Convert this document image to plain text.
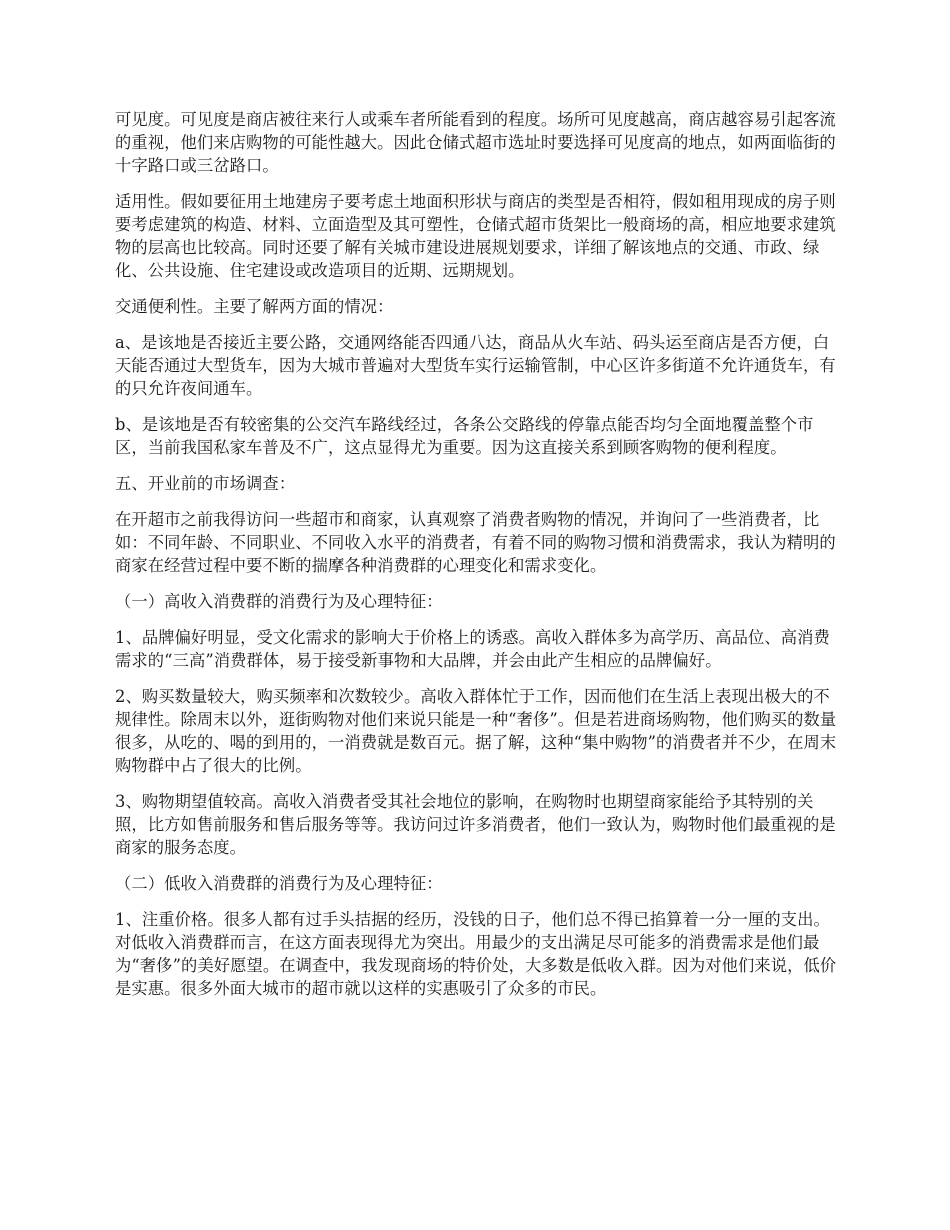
可见度。可见度是商店被往来行人或乘车者所能看到的程度。场所可见度越高，商店越容易引起客流的重视，他们来店购物的可能性越大。因此仓储式超市选址时要选择可见度高的地点，如两面临街的十字路口或三岔路口。

适用性。假如要征用土地建房子要考虑土地面积形状与商店的类型是否相符，假如租用现成的房子则要考虑建筑的构造、材料、立面造型及其可塑性，仓储式超市货架比一般商场的高，相应地要求建筑物的层高也比较高。同时还要了解有关城市建设进展规划要求，详细了解该地点的交通、市政、绿化、公共设施、住宅建设或改造项目的近期、远期规划。

交通便利性。主要了解两方面的情况：

a、是该地是否接近主要公路，交通网络能否四通八达，商品从火车站、码头运至商店是否方便，白天能否通过大型货车，因为大城市普遍对大型货车实行运输管制，中心区许多街道不允许通货车，有的只允许夜间通车。

b、是该地是否有较密集的公交汽车路线经过，各条公交路线的停靠点能否均匀全面地覆盖整个市区，当前我国私家车普及不广，这点显得尤为重要。因为这直接关系到顾客购物的便利程度。

五、开业前的市场调查：

在开超市之前我得访问一些超市和商家，认真观察了消费者购物的情况，并询问了一些消费者，比如：不同年龄、不同职业、不同收入水平的消费者，有着不同的购物习惯和消费需求，我认为精明的商家在经营过程中要不断的揣摩各种消费群的心理变化和需求变化。

（一）高收入消费群的消费行为及心理特征：

1、品牌偏好明显，受文化需求的影响大于价格上的诱惑。高收入群体多为高学历、高品位、高消费需求的“三高”消费群体，易于接受新事物和大品牌，并会由此产生相应的品牌偏好。

2、购买数量较大，购买频率和次数较少。高收入群体忙于工作，因而他们在生活上表现出极大的不规律性。除周末以外，逛街购物对他们来说只能是一种“奢侈”。但是若进商场购物，他们购买的数量很多，从吃的、喝的到用的，一消费就是数百元。据了解，这种“集中购物”的消费者并不少，在周末购物群中占了很大的比例。

3、购物期望值较高。高收入消费者受其社会地位的影响，在购物时也期望商家能给予其特别的关照，比方如售前服务和售后服务等等。我访问过许多消费者，他们一致认为，购物时他们最重视的是商家的服务态度。

（二）低收入消费群的消费行为及心理特征：

1、注重价格。很多人都有过手头拮据的经历，没钱的日子，他们总不得已掐算着一分一厘的支出。对低收入消费群而言，在这方面表现得尤为突出。用最少的支出满足尽可能多的消费需求是他们最为“奢侈”的美好愿望。在调查中，我发现商场的特价处，大多数是低收入群。因为对他们来说，低价是实惠。很多外面大城市的超市就以这样的实惠吸引了众多的市民。
